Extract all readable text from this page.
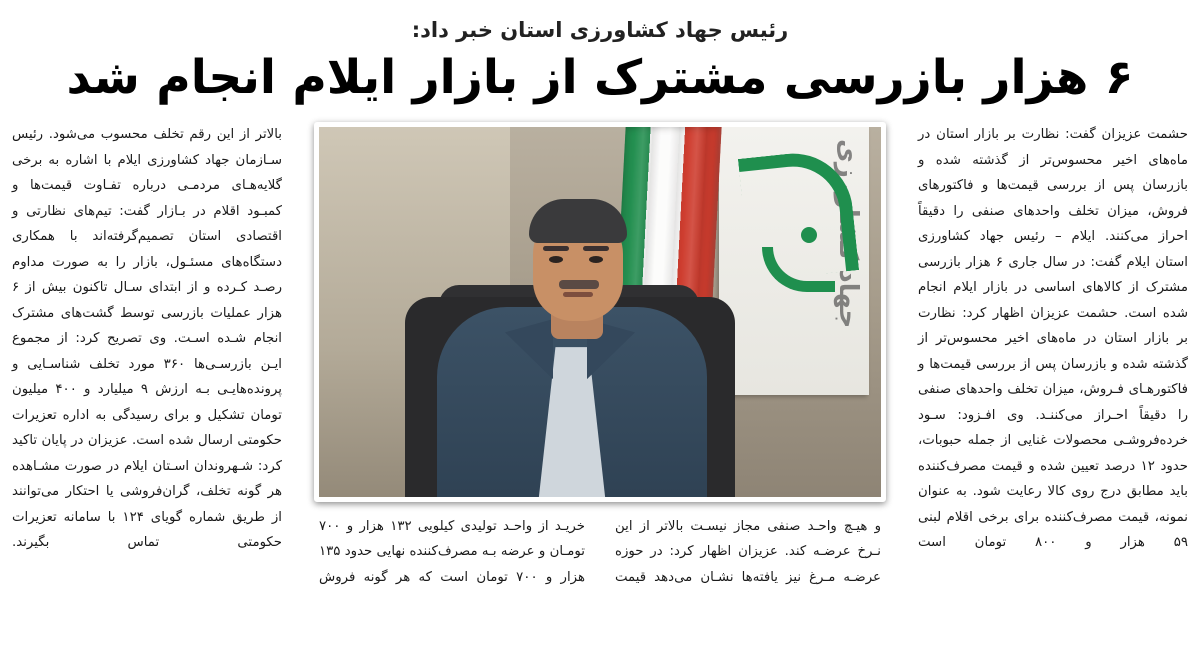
رئیس جهاد کشاورزی استان خبر داد:
۶ هزار بازرسی مشترک از بازار ایلام انجام شد

حشمت عزیزان گفت: نظارت بر بازار استان در ماه‌های اخیر محسوس‌تر از گذشته شده و بازرسان پس از بررسی قیمت‌ها و فاکتورهای فروش، میزان تخلف واحدهای صنفی را دقیقاً احراز می‌کنند. ایلام – رئیس جهاد کشاورزی استان ایلام گفت: در سال جاری ۶ هزار بازرسی مشترک از کالاهای اساسی در بازار ایلام انجام شده است. حشمت عزیزان اظهار کرد: نظارت بر بازار استان در ماه‌های اخیر محسوس‌تر از گذشته شده و بازرسان پس از بررسی قیمت‌ها و فاکتورهـای فـروش، میزان تخلف واحدهای صنفی را دقیقاً احـراز می‌کننـد. وی افـزود: سـود خرده‌فروشـی محصولات غنایی از جمله حبوبات، حدود ۱۲ درصد تعیین شده و قیمت مصرف‌کننده باید مطابق درج روی کالا رعایت شود. به عنوان نمونه، قیمت مصرف‌کننده برای برخی اقلام لبنی ۵۹ هزار و ۸۰۰ تومان است

جهاد کشاورزی

و هیـچ واحـد صنفی مجاز نیسـت بالاتر از این نـرخ عرضـه کند. عزیزان اظهار کرد: در حوزه عرضـه مـرغ نیز یافته‌ها نشـان می‌دهد قیمت

خریـد از واحـد تولیدی کیلویی ۱۳۲ هزار و ۷۰۰ تومـان و عرضه بـه مصرف‌کننده نهایی حدود ۱۳۵ هزار و ۷۰۰ تومان است که هر گونه فروش

بالاتر از این رقم تخلف محسوب می‌شود. رئیس سـازمان جهاد کشاورزی ایلام با اشاره به برخی گلایه‌هـای مردمـی درباره تفـاوت قیمت‌ها و کمبـود اقلام در بـازار گفت: تیم‌های نظارتی و اقتصادی استان تصمیم‌گرفته‌اند با همکاری دستگاه‌های مسئـول، بازار را به صورت مداوم رصـد کـرده و از ابتدای سـال تاکنون بیش از ۶ هزار عملیات بازرسی توسط گشت‌های مشترک انجام شـده اسـت. وی تصریح کرد: از مجموع ایـن بازرسـی‌ها ۳۶۰ مورد تخلف شناسـایی و پرونده‌هایـی بـه ارزش ۹ میلیارد و ۴۰۰ میلیون تومان تشکیل و برای رسیدگی به اداره تعزیرات حکومتی ارسال شده است. عزیزان در پایان تاکید کرد: شـهروندان اسـتان ایلام در صورت مشـاهده هر گونه تخلف، گران‌فروشی یا احتکار می‌توانند از طریق شماره گویای ۱۲۴ با سامانه تعزیرات حکومتی تماس بگیرند.
